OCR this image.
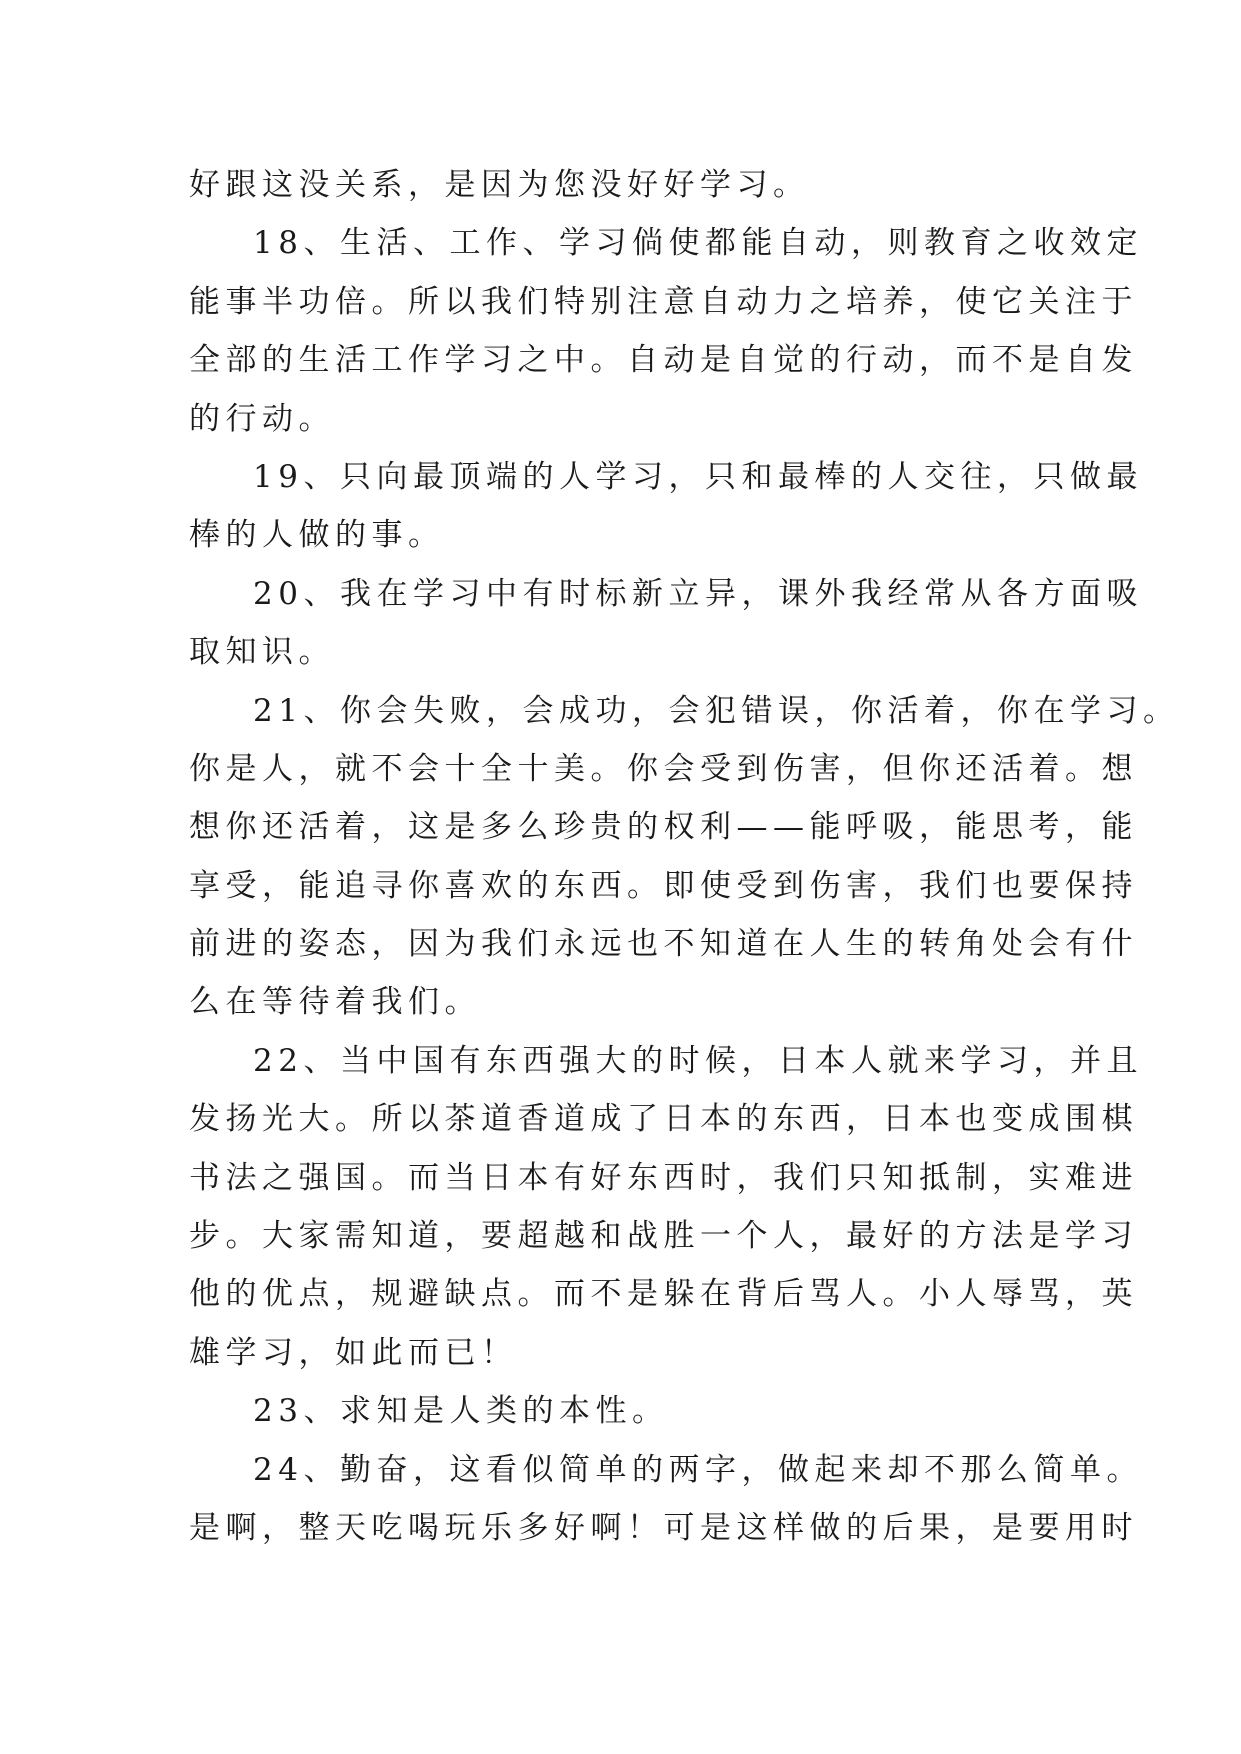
好跟这没关系，是因为您没好好学习。
18、生活、工作、学习倘使都能自动，则教育之收效定
能事半功倍。所以我们特别注意自动力之培养，使它关注于
全部的生活工作学习之中。自动是自觉的行动，而不是自发
的行动。
19、只向最顶端的人学习，只和最棒的人交往，只做最
棒的人做的事。
20、我在学习中有时标新立异，课外我经常从各方面吸
取知识。
21、你会失败，会成功，会犯错误，你活着，你在学习。
你是人，就不会十全十美。你会受到伤害，但你还活着。想
想你还活着，这是多么珍贵的权利——能呼吸，能思考，能
享受，能追寻你喜欢的东西。即使受到伤害，我们也要保持
前进的姿态，因为我们永远也不知道在人生的转角处会有什
么在等待着我们。
22、当中国有东西强大的时候，日本人就来学习，并且
发扬光大。所以茶道香道成了日本的东西，日本也变成围棋
书法之强国。而当日本有好东西时，我们只知抵制，实难进
步。大家需知道，要超越和战胜一个人，最好的方法是学习
他的优点，规避缺点。而不是躲在背后骂人。小人辱骂，英
雄学习，如此而已！
23、求知是人类的本性。
24、勤奋，这看似简单的两字，做起来却不那么简单。
是啊，整天吃喝玩乐多好啊！可是这样做的后果，是要用时
